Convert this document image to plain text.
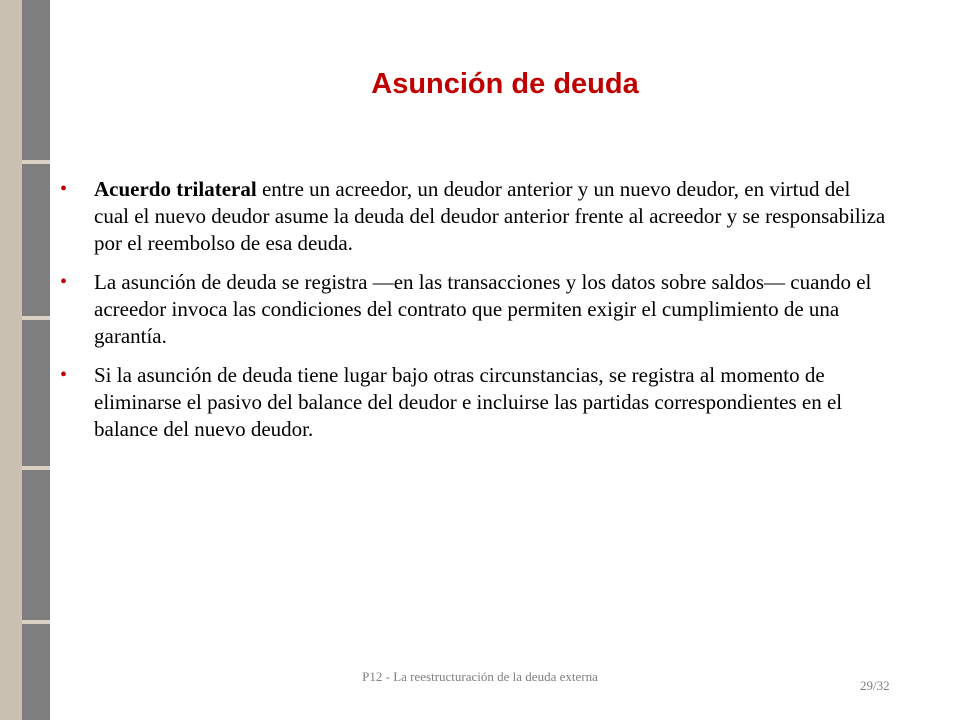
Asunción de deuda
• Acuerdo trilateral entre un acreedor, un deudor anterior y un nuevo deudor, en virtud del cual el nuevo deudor asume la deuda del deudor anterior frente al acreedor y se responsabiliza por el reembolso de esa deuda.
• La asunción de deuda se registra —en las transacciones y los datos sobre saldos— cuando el acreedor invoca las condiciones del contrato que permiten exigir el cumplimiento de una garantía.
• Si la asunción de deuda tiene lugar bajo otras circunstancias, se registra al momento de eliminarse el pasivo del balance del deudor e incluirse las partidas correspondientes en el balance del nuevo deudor.
P12 - La reestructuración de la deuda externa
29/32
